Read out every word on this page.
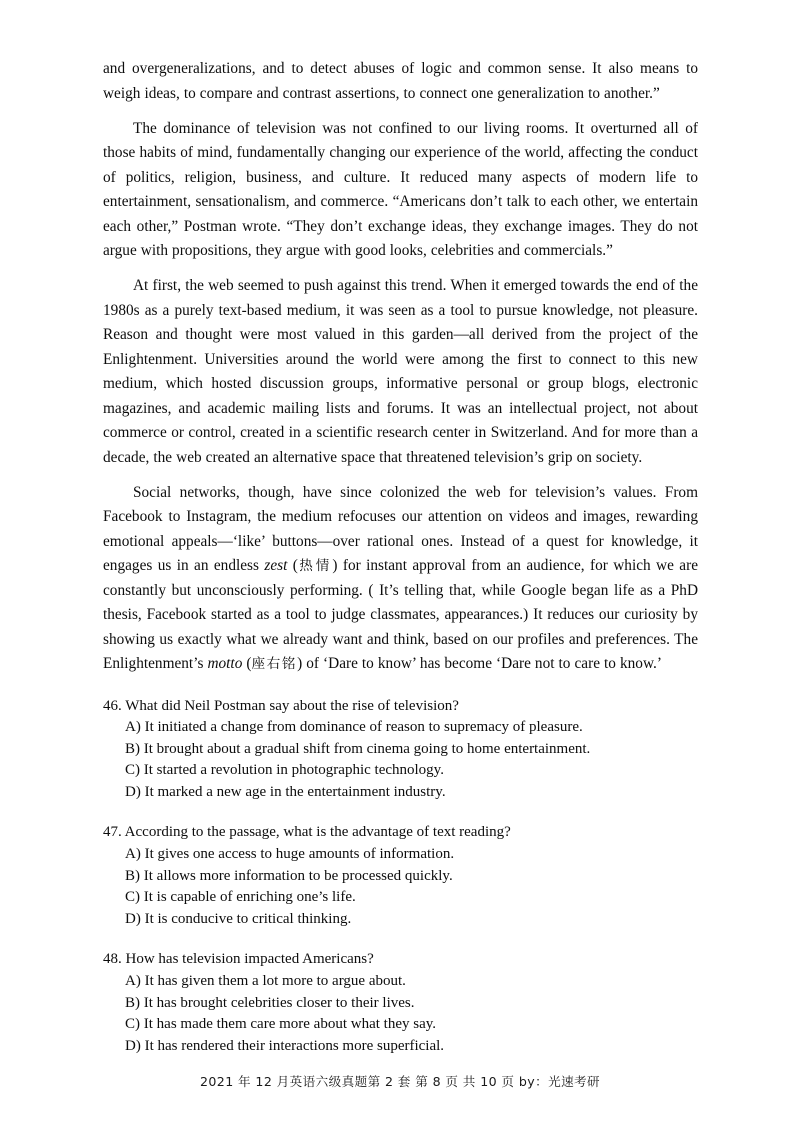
and overgeneralizations, and to detect abuses of logic and common sense. It also means to weigh ideas, to compare and contrast assertions, to connect one generalization to another.”

The dominance of television was not confined to our living rooms. It overturned all of those habits of mind, fundamentally changing our experience of the world, affecting the conduct of politics, religion, business, and culture. It reduced many aspects of modern life to entertainment, sensationalism, and commerce. “Americans don’t talk to each other, we entertain each other,” Postman wrote. “They don’t exchange ideas, they exchange images. They do not argue with propositions, they argue with good looks, celebrities and commercials.”

At first, the web seemed to push against this trend. When it emerged towards the end of the 1980s as a purely text-based medium, it was seen as a tool to pursue knowledge, not pleasure. Reason and thought were most valued in this garden—all derived from the project of the Enlightenment. Universities around the world were among the first to connect to this new medium, which hosted discussion groups, informative personal or group blogs, electronic magazines, and academic mailing lists and forums. It was an intellectual project, not about commerce or control, created in a scientific research center in Switzerland. And for more than a decade, the web created an alternative space that threatened television’s grip on society.

Social networks, though, have since colonized the web for television’s values. From Facebook to Instagram, the medium refocuses our attention on videos and images, rewarding emotional appeals—‘like’ buttons—over rational ones. Instead of a quest for knowledge, it engages us in an endless zest (热情) for instant approval from an audience, for which we are constantly but unconsciously performing. ( It’s telling that, while Google began life as a PhD thesis, Facebook started as a tool to judge classmates, appearances.) It reduces our curiosity by showing us exactly what we already want and think, based on our profiles and preferences. The Enlightenment’s motto (座右铭) of ‘Dare to know’ has become ‘Dare not to care to know.’

46. What did Neil Postman say about the rise of television?
A) It initiated a change from dominance of reason to supremacy of pleasure.
B) It brought about a gradual shift from cinema going to home entertainment.
C) It started a revolution in photographic technology.
D) It marked a new age in the entertainment industry.
47. According to the passage, what is the advantage of text reading?
A) It gives one access to huge amounts of information.
B) It allows more information to be processed quickly.
C) It is capable of enriching one’s life.
D) It is conducive to critical thinking.
48. How has television impacted Americans?
A) It has given them a lot more to argue about.
B) It has brought celebrities closer to their lives.
C) It has made them care more about what they say.
D) It has rendered their interactions more superficial.
2021 年 12 月英语六级真题第 2 套 第 8 页 共 10 页 by：光速考研
